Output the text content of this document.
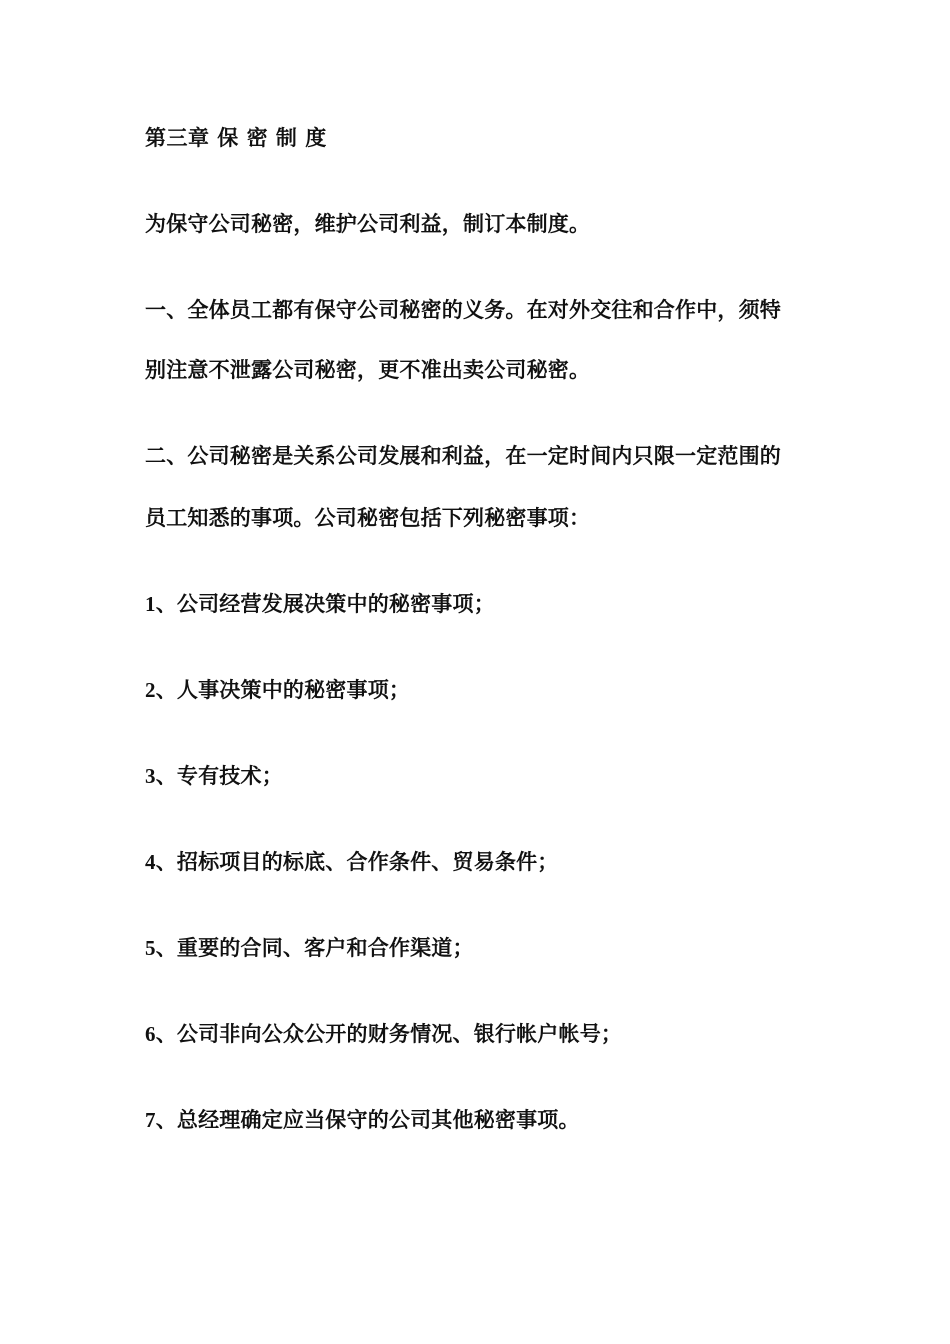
第三章 保 密 制 度
为保守公司秘密，维护公司利益，制订本制度。
一、全体员工都有保守公司秘密的义务。在对外交往和合作中，须特
别注意不泄露公司秘密，更不准出卖公司秘密。
二、公司秘密是关系公司发展和利益，在一定时间内只限一定范围的
员工知悉的事项。公司秘密包括下列秘密事项：
1、公司经营发展决策中的秘密事项；
2、人事决策中的秘密事项；
3、专有技术；
4、招标项目的标底、合作条件、贸易条件；
5、重要的合同、客户和合作渠道；
6、公司非向公众公开的财务情况、银行帐户帐号；
7、总经理确定应当保守的公司其他秘密事项。
